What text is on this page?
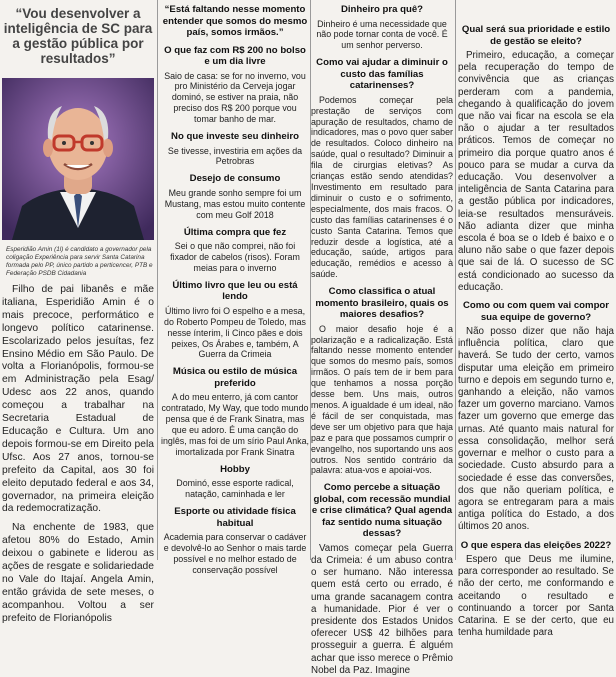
“Vou desenvolver a inteligência de SC para a gestão pública por resultados”

Esperidião Amin (1l) é candidato a governador pela coligação Experiência para servir Santa Catarina formada pelo PP, único partido a perticencer, PTB e Federação PSDB Cidadania

Filho de pai libanês e mãe italiana, Esperidião Amin é o mais precoce, performático e longevo político catarinense. Escolarizado pelos jesuítas, fez Ensino Médio em São Paulo. De volta a Florianópolis, formou-se em Administração pela Esag/ Udesc aos 22 anos, quando começou a trabalhar na Secretaria Estadual de Educação e Cultura. Um ano depois formou-se em Direito pela Ufsc. Aos 27 anos, tornou-se prefeito da Capital, aos 30 foi eleito deputado federal e aos 34, governador, na primeira eleição da redemocratização.

Na enchente de 1983, que afetou 80% do Estado, Amin deixou o gabinete e liderou as ações de resgate e solidariedade no Vale do Itajaí. Angela Amin, então grávida de sete meses, o acompanhou. Voltou a ser prefeito de Florianópolis

“Está faltando nesse momento entender que somos do mesmo país, somos irmãos.”

O que faz com R$ 200 no bolso e um dia livre

Saio de casa: se for no inverno, vou pro Ministério da Cerveja jogar dominó, se estiver na praia, não preciso dos R$ 200 porque vou tomar banho de mar.

No que investe seu dinheiro

Se tivesse, investiria em ações da Petrobras

Desejo de consumo

Meu grande sonho sempre foi um Mustang, mas estou muito contente com meu Golf 2018

Última compra que fez

Sei o que não comprei, não foi fixador de cabelos (risos). Foram meias para o inverno

Último livro que leu ou está lendo

Último livro foi O espelho e a mesa, do Roberto Pompeu de Toledo, mas nesse ínterim, li Cinco pães e dois peixes, Os Árabes e, também, A Guerra da Crimeia

Música ou estilo de música preferido

A do meu enterro, já com cantor contratado, My Way, que todo mundo pensa que é de Frank Sinatra, mas que eu adoro. É uma canção do inglês, mas foi de um sírio Paul Anka, imortalizada por Frank Sinatra

Hobby

Dominó, esse esporte radical, natação, caminhada e ler

Esporte ou atividade física habitual

Academia para conservar o cadáver e devolvê-lo ao Senhor o mais tarde possível e no melhor estado de conservação possível

Dinheiro pra quê?

Dinheiro é uma necessidade que não pode tornar conta de você. É um senhor perverso.

Como vai ajudar a diminuir o custo das famílias catarinenses?

Podemos começar pela prestação de serviços com apuração de resultados, chamo de indicadores, mas o povo quer saber de resultados. Coloco dinheiro na saúde, qual o resultado? Diminuir a fila de cirurgias eletivas? As crianças estão sendo atendidas? Investimento em resultado para diminuir o custo e o sofrimento, especialmente, dos mais fracos. O custo das famílias catarinenses é o custo Santa Catarina. Temos que reduzir desde a logística, até a educação, saúde, artigos para educação, remédios e acesso à saúde.

Como classifica o atual momento brasileiro, quais os maiores desafios?

O maior desafio hoje é a polarização e a radicalização. Está faltando nesse momento entender que somos do mesmo país, somos irmãos. O país tem de ir bem para que tenhamos a nossa porção desse bem. Uns mais, outros menos. A igualdade é um ideal, não é fácil de ser conquistada, mas deve ser um objetivo para que haja paz e para que possamos cumprir o evangelho, nos suportando uns aos outros. Nos sentido contrário da palavra: atua-vos e apoiai-vos.

Como percebe a situação global, com recessão mundial e crise climática? Qual agenda faz sentido numa situação dessas?

Vamos começar pela Guerra da Crimeia: é um abuso contra o ser humano. Não interessa quem está certo ou errado, é uma grande sacanagem contra a humanidade. Pior é ver o presidente dos Estados Unidos oferecer US$ 42 bilhões para prosseguir a guerra. É alguém achar que isso merece o Prêmio Nobel da Paz. Imagine

Qual será sua prioridade e estilo de gestão se eleito?

Primeiro, educação, a começar pela recuperação do tempo de convivência que as crianças perderam com a pandemia, chegando à qualificação do jovem que não vai ficar na escola se ela não o ajudar a ter resultados práticos. Temos de começar no primeiro dia porque quatro anos é pouco para se mudar a curva da educação. Vou desenvolver a inteligência de Santa Catarina para a gestão pública por indicadores, leia-se resultados mensuráveis. Não adianta dizer que minha escola é boa se o Ideb é baixo e o aluno não sabe o que fazer depois que sai de lá. O sucesso de SC está condicionado ao sucesso da educação.

Como ou com quem vai compor sua equipe de governo?

Não posso dizer que não haja influência política, claro que haverá. Se tudo der certo, vamos disputar uma eleição em primeiro turno e depois em segundo turno e, ganhando a eleição, não vamos fazer um governo marciano. Vamos fazer um governo que emerge das urnas. Até quanto mais natural for essa consolidação, melhor será governar e melhor o custo para a sociedade. Custo absurdo para a sociedade é esse das conversões, dos que não queriam política, e agora se entregaram para a mais antiga política do Estado, a dos últimos 20 anos.

O que espera das eleições 2022?

Espero que Deus me ilumine, para corresponder ao resultado. Se não der certo, me conformando e aceitando o resultado e continuando a torcer por Santa Catarina. E se der certo, que eu tenha humildade para
